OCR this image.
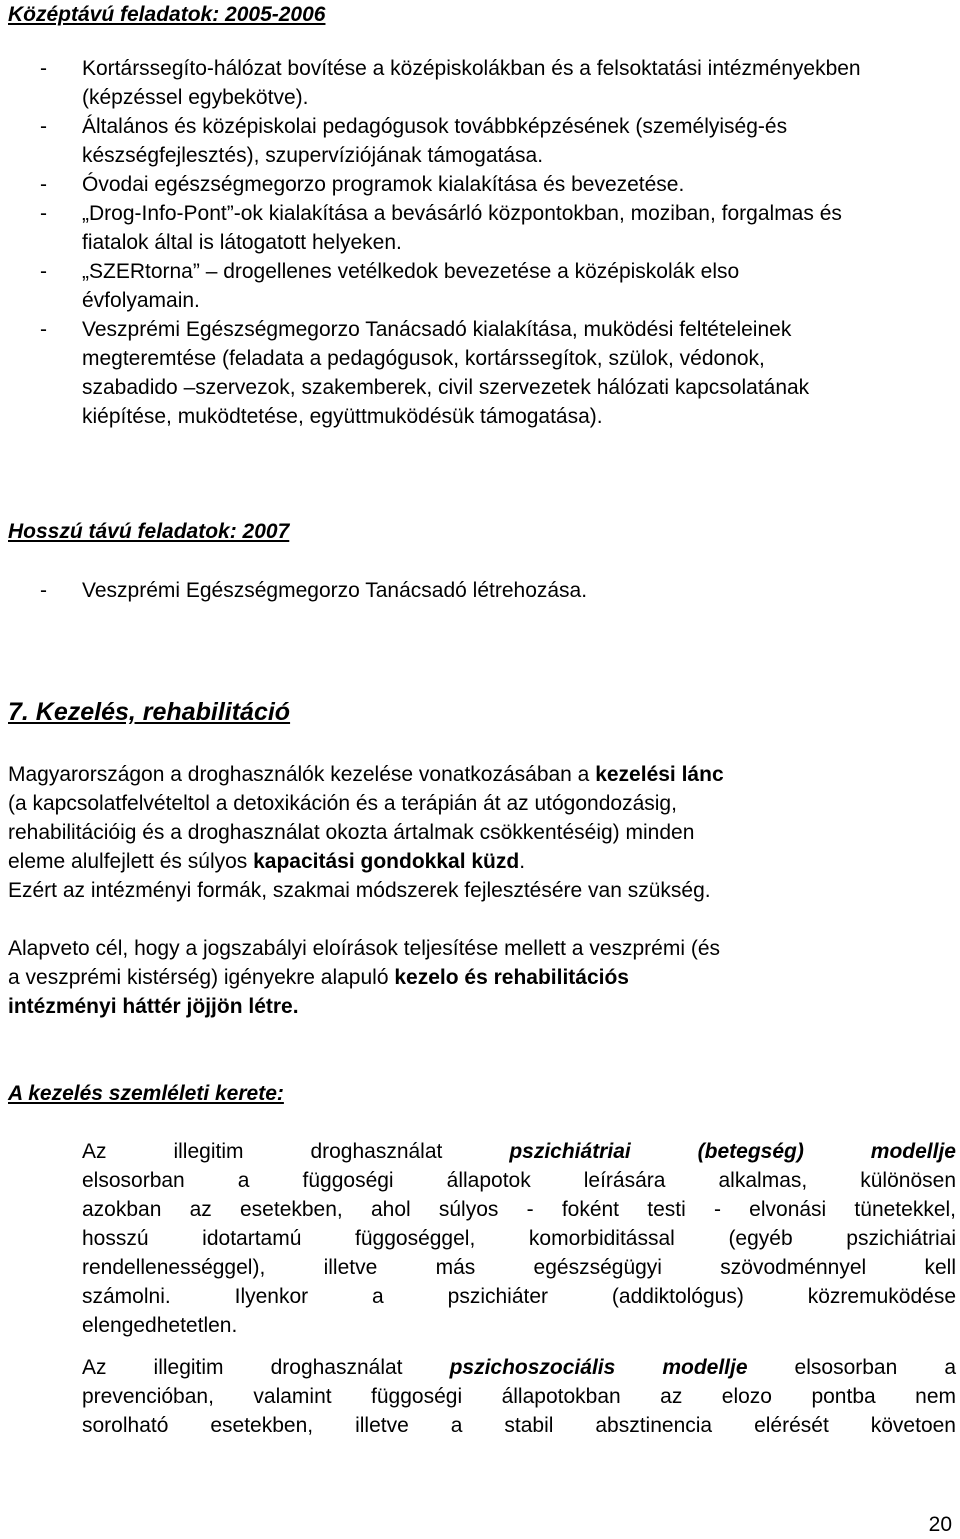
Középtávú feladatok: 2005-2006
- Kortárssegíto-hálózat bovítése a középiskolákban és a felsoktatási intézményekben (képzéssel egybekötve).
- Általános és középiskolai pedagógusok továbbképzésének (személyiség-és készségfejlesztés), szupervíziójának támogatása.
- Óvodai egészségmegorzo programok kialakítása és bevezetése.
- „Drog-Info-Pont”-ok kialakítása a bevásárló központokban, moziban, forgalmas és fiatalok által is látogatott helyeken.
- „SZERtorna” – drogellenes vetélkedok bevezetése a középiskolák elso évfolyamain.
- Veszprémi Egészségmegorzo Tanácsadó kialakítása, muködési feltételeinek megteremtése (feladata a pedagógusok, kortárssegítok, szülok, védonok, szabadido –szervezok, szakemberek, civil szervezetek hálózati kapcsolatának kiépítése, muködtetése, együttmuködésük támogatása).
Hosszú távú feladatok: 2007
- Veszprémi Egészségmegorzo Tanácsadó létrehozása.
7. Kezelés, rehabilitáció

Magyarországon a droghasználók kezelése vonatkozásában a kezelési lánc
(a kapcsolatfelvételtol a detoxikáción és a terápián át az utógondozásig,
rehabilitációig és a droghasználat okozta ártalmak csökkentéséig) minden
eleme alulfejlett és súlyos kapacitási gondokkal küzd.
Ezért az intézményi formák, szakmai módszerek fejlesztésére van szükség.

Alapveto cél, hogy a jogszabályi eloírások teljesítése mellett a veszprémi (és
a veszprémi kistérség) igényekre alapuló kezelo és rehabilitációs
intézményi háttér jöjjön létre.

A kezelés szemléleti kerete:

Az illegitim droghasználat pszichiátriai (betegség) modellje
elsosorban a függoségi állapotok leírására alkalmas, különösen
azokban az esetekben, ahol súlyos - foként testi - elvonási tünetekkel,
hosszú idotartamú függoséggel, komorbiditással (egyéb pszichiátriai
rendellenességgel), illetve más egészségügyi szövodménnyel kell
számolni. Ilyenkor a pszichiáter (addiktológus) közremuködése
elengedhetetlen.

Az illegitim droghasználat pszichoszociális modellje elsosorban a
prevencióban, valamint függoségi állapotokban az elozo pontba nem
sorolható esetekben, illetve a stabil absztinencia elérését követoen

20
